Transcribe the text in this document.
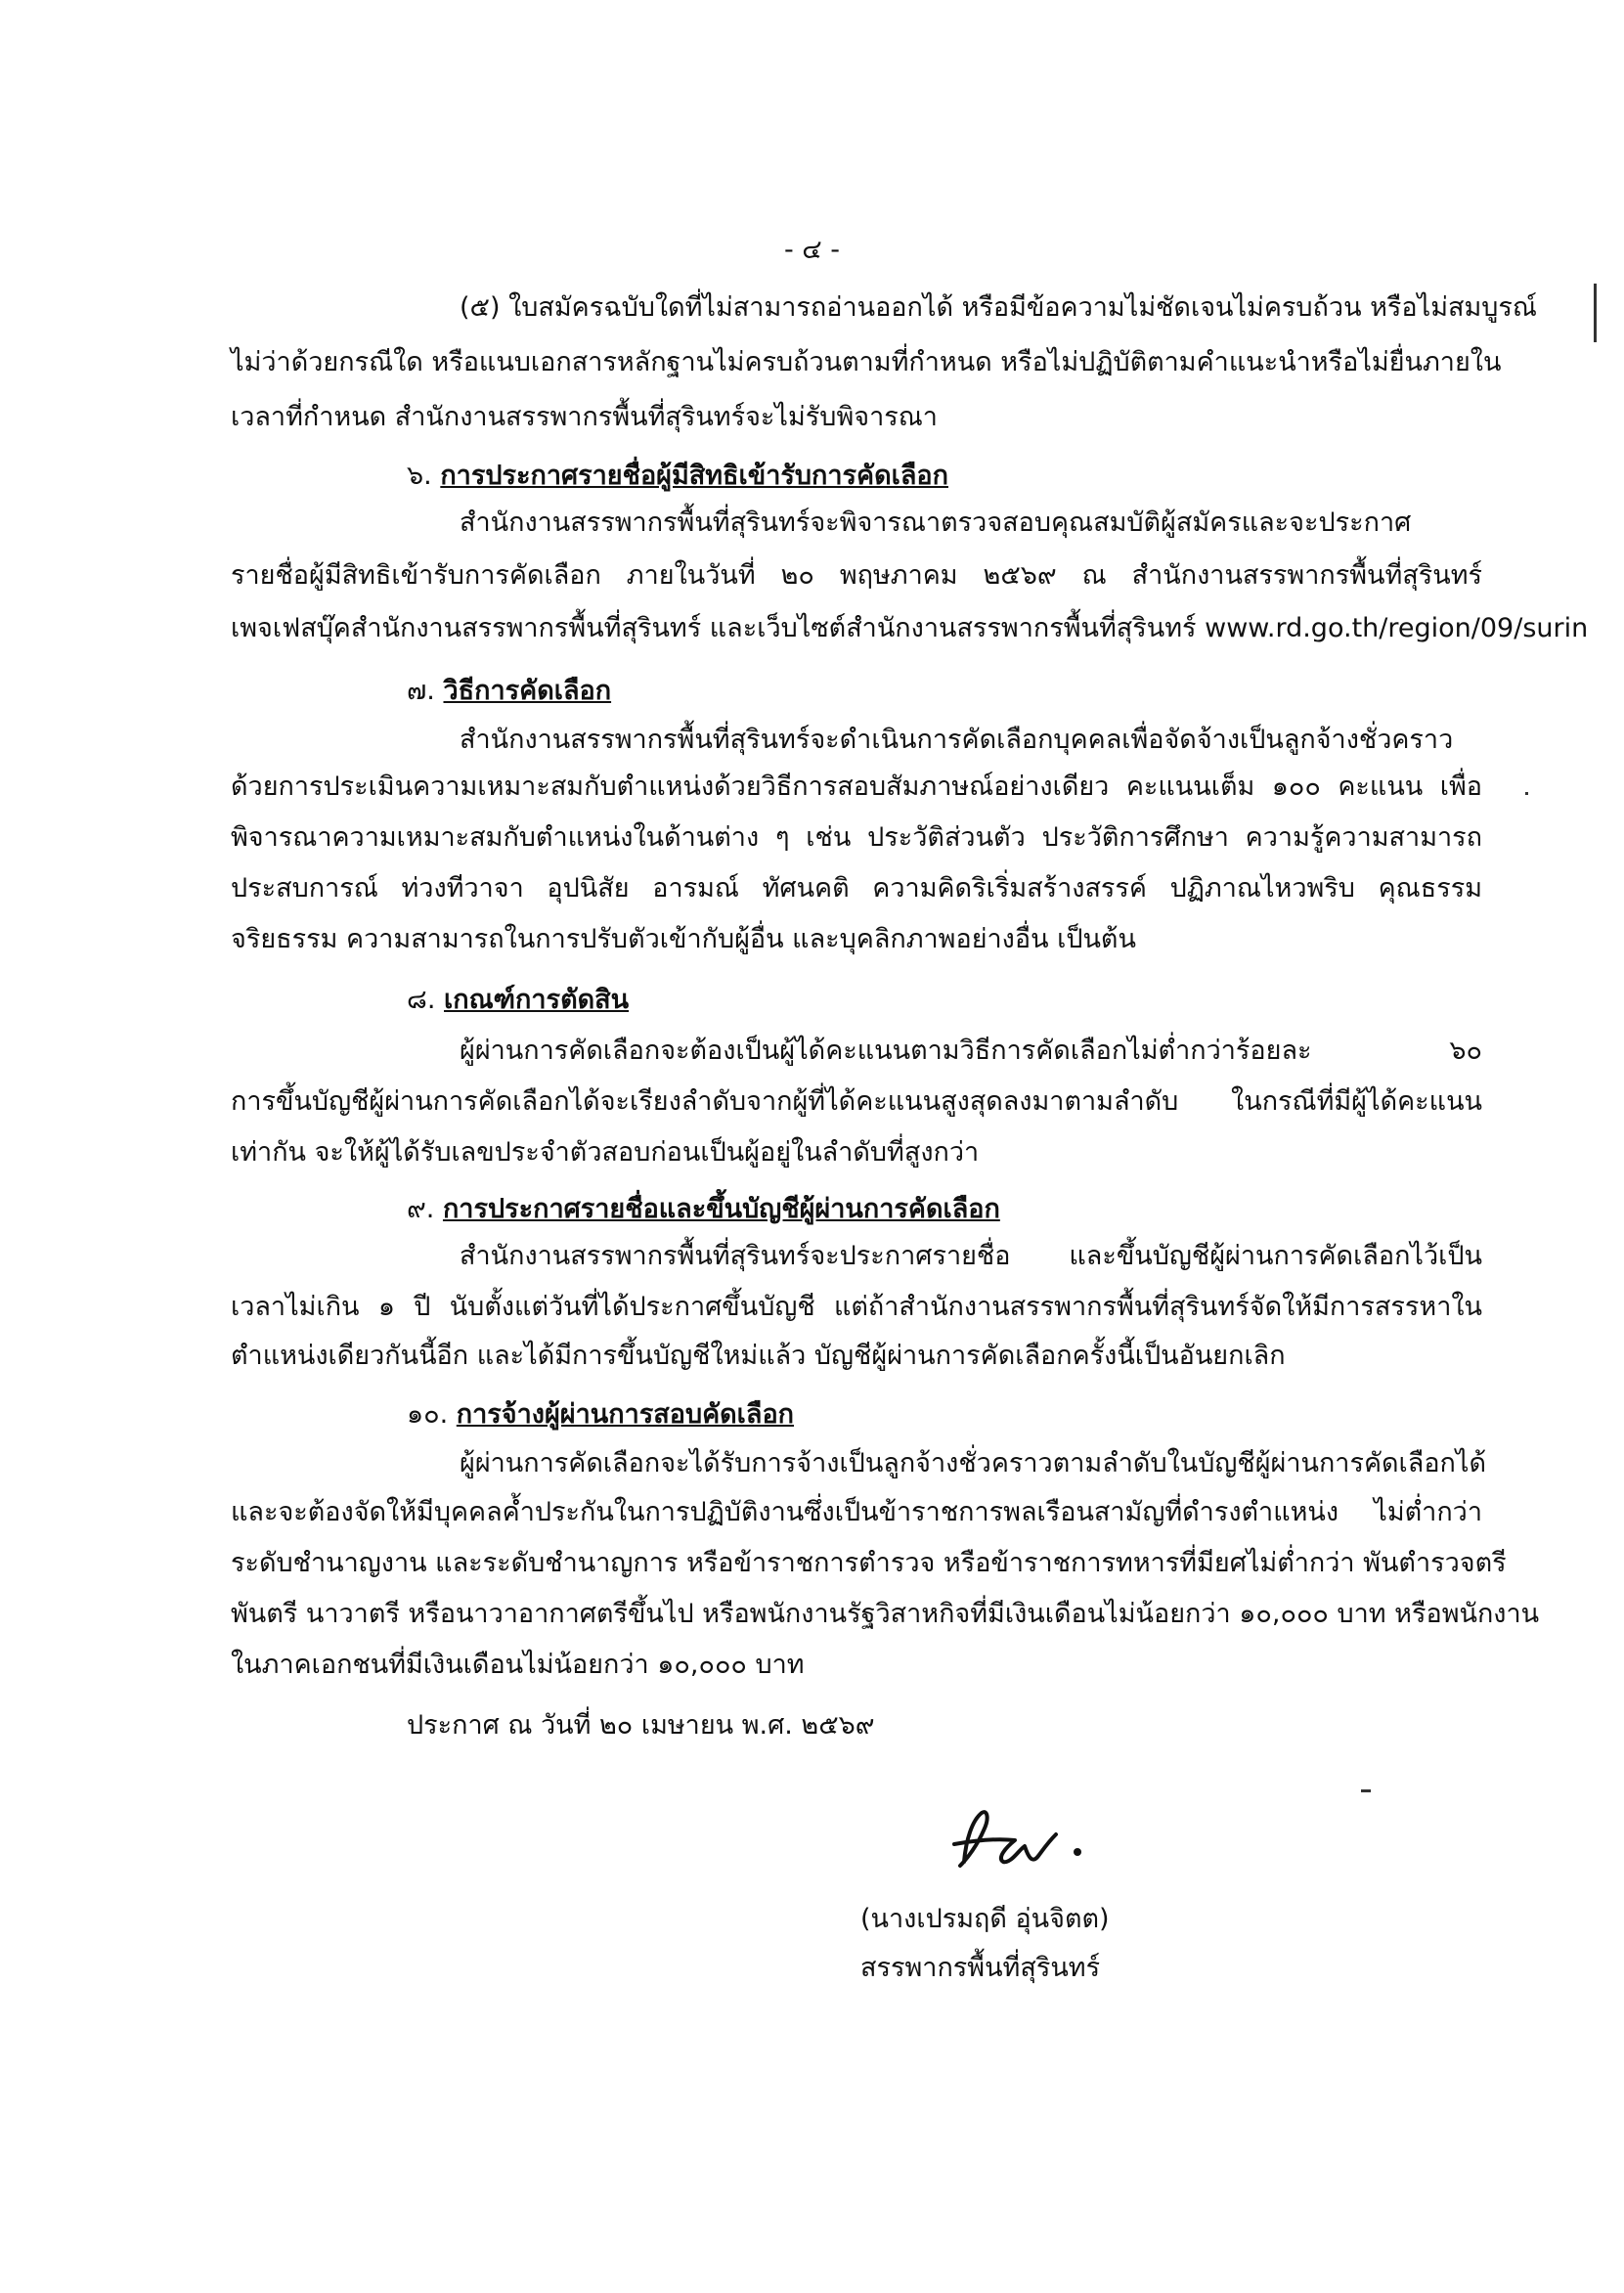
- ๔ -
(๕) ใบสมัครฉบับใดที่ไม่สามารถอ่านออกได้ หรือมีข้อความไม่ชัดเจนไม่ครบถ้วน หรือไม่สมบูรณ์
ไม่ว่าด้วยกรณีใด หรือแนบเอกสารหลักฐานไม่ครบถ้วนตามที่กำหนด หรือไม่ปฏิบัติตามคำแนะนำหรือไม่ยื่นภายใน
เวลาที่กำหนด สำนักงานสรรพากรพื้นที่สุรินทร์จะไม่รับพิจารณา
๖. การประกาศรายชื่อผู้มีสิทธิเข้ารับการคัดเลือก
สำนักงานสรรพากรพื้นที่สุรินทร์จะพิจารณาตรวจสอบคุณสมบัติผู้สมัครและจะประกาศ
รายชื่อผู้มีสิทธิเข้ารับการคัดเลือก ภายในวันที่ ๒๐ พฤษภาคม ๒๕๖๙ ณ สำนักงานสรรพากรพื้นที่สุรินทร์
เพจเฟสบุ๊คสำนักงานสรรพากรพื้นที่สุรินทร์ และเว็บไซต์สำนักงานสรรพากรพื้นที่สุรินทร์ www.rd.go.th/region/09/surin
๗. วิธีการคัดเลือก
สำนักงานสรรพากรพื้นที่สุรินทร์จะดำเนินการคัดเลือกบุคคลเพื่อจัดจ้างเป็นลูกจ้างชั่วคราว
ด้วยการประเมินความเหมาะสมกับตำแหน่งด้วยวิธีการสอบสัมภาษณ์อย่างเดียว คะแนนเต็ม ๑๐๐ คะแนน เพื่อ
พิจารณาความเหมาะสมกับตำแหน่งในด้านต่าง ๆ เช่น ประวัติส่วนตัว ประวัติการศึกษา ความรู้ความสามารถ
ประสบการณ์ ท่วงทีวาจา อุปนิสัย อารมณ์ ทัศนคติ ความคิดริเริ่มสร้างสรรค์ ปฏิภาณไหวพริบ คุณธรรม
จริยธรรม ความสามารถในการปรับตัวเข้ากับผู้อื่น และบุคลิกภาพอย่างอื่น เป็นต้น
๘. เกณฑ์การตัดสิน
ผู้ผ่านการคัดเลือกจะต้องเป็นผู้ได้คะแนนตามวิธีการคัดเลือกไม่ต่ำกว่าร้อยละ ๖๐
การขึ้นบัญชีผู้ผ่านการคัดเลือกได้จะเรียงลำดับจากผู้ที่ได้คะแนนสูงสุดลงมาตามลำดับ ในกรณีที่มีผู้ได้คะแนน
เท่ากัน จะให้ผู้ได้รับเลขประจำตัวสอบก่อนเป็นผู้อยู่ในลำดับที่สูงกว่า
๙. การประกาศรายชื่อและขึ้นบัญชีผู้ผ่านการคัดเลือก
สำนักงานสรรพากรพื้นที่สุรินทร์จะประกาศรายชื่อ และขึ้นบัญชีผู้ผ่านการคัดเลือกไว้เป็น
เวลาไม่เกิน ๑ ปี นับตั้งแต่วันที่ได้ประกาศขึ้นบัญชี แต่ถ้าสำนักงานสรรพากรพื้นที่สุรินทร์จัดให้มีการสรรหาใน
ตำแหน่งเดียวกันนี้อีก และได้มีการขึ้นบัญชีใหม่แล้ว บัญชีผู้ผ่านการคัดเลือกครั้งนี้เป็นอันยกเลิก
๑๐. การจ้างผู้ผ่านการสอบคัดเลือก
ผู้ผ่านการคัดเลือกจะได้รับการจ้างเป็นลูกจ้างชั่วคราวตามลำดับในบัญชีผู้ผ่านการคัดเลือกได้
และจะต้องจัดให้มีบุคคลค้ำประกันในการปฏิบัติงานซึ่งเป็นข้าราชการพลเรือนสามัญที่ดำรงตำแหน่ง ไม่ต่ำกว่า
ระดับชำนาญงาน และระดับชำนาญการ หรือข้าราชการตำรวจ หรือข้าราชการทหารที่มียศไม่ต่ำกว่า พันตำรวจตรี
พันตรี นาวาตรี หรือนาวาอากาศตรีขึ้นไป หรือพนักงานรัฐวิสาหกิจที่มีเงินเดือนไม่น้อยกว่า ๑๐,๐๐๐ บาท หรือพนักงาน
ในภาคเอกชนที่มีเงินเดือนไม่น้อยกว่า ๑๐,๐๐๐ บาท
ประกาศ ณ วันที่ ๒๐ เมษายน พ.ศ. ๒๕๖๙
(นางเปรมฤดี อุ่นจิตต)
สรรพากรพื้นที่สุรินทร์
